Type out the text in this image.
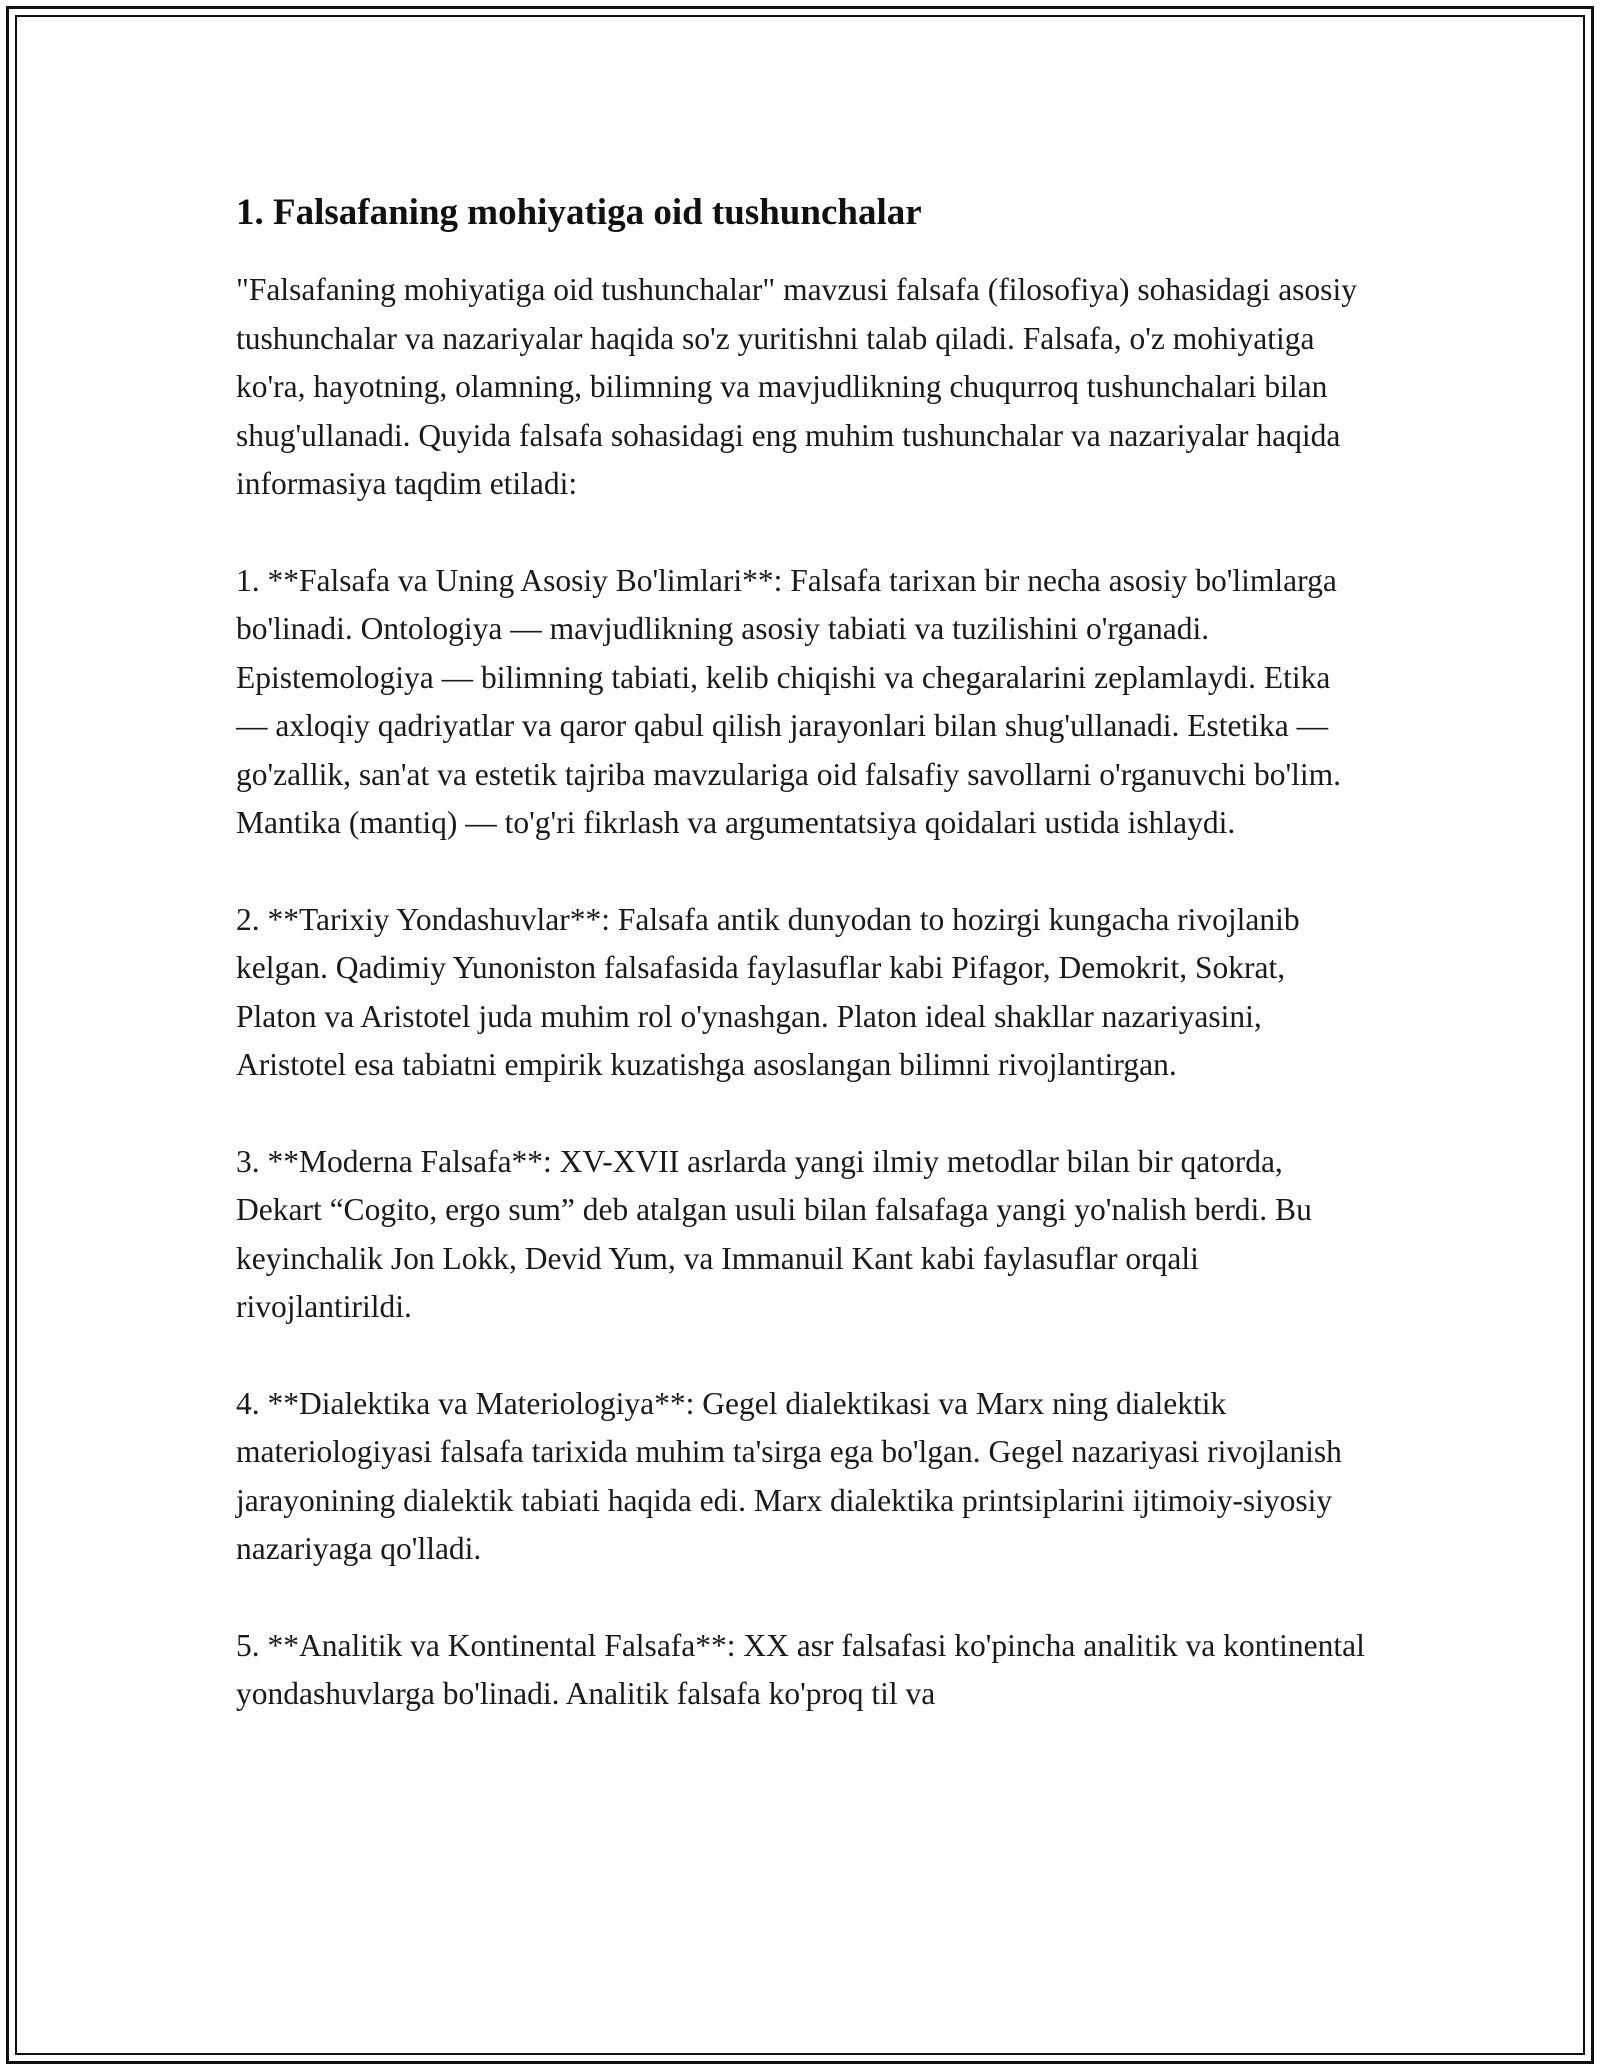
1. Falsafaning mohiyatiga oid tushunchalar

"Falsafaning mohiyatiga oid tushunchalar" mavzusi falsafa (filosofiya) sohasidagi asosiy tushunchalar va nazariyalar haqida so'z yuritishni talab qiladi. Falsafa, o'z mohiyatiga ko'ra, hayotning, olamning, bilimning va mavjudlikning chuqurroq tushunchalari bilan shug'ullanadi. Quyida falsafa sohasidagi eng muhim tushunchalar va nazariyalar haqida informasiya taqdim etiladi:

1. **Falsafa va Uning Asosiy Bo'limlari**: Falsafa tarixan bir necha asosiy bo'limlarga bo'linadi. Ontologiya — mavjudlikning asosiy tabiati va tuzilishini o'rganadi. Epistemologiya — bilimning tabiati, kelib chiqishi va chegaralarini zeplamlaydi. Etika — axloqiy qadriyatlar va qaror qabul qilish jarayonlari bilan shug'ullanadi. Estetika — go'zallik, san'at va estetik tajriba mavzulariga oid falsafiy savollarni o'rganuvchi bo'lim. Mantika (mantiq) — to'g'ri fikrlash va argumentatsiya qoidalari ustida ishlaydi.

2. **Tarixiy Yondashuvlar**: Falsafa antik dunyodan to hozirgi kungacha rivojlanib kelgan. Qadimiy Yunoniston falsafasida faylasuflar kabi Pifagor, Demokrit, Sokrat, Platon va Aristotel juda muhim rol o'ynashgan. Platon ideal shakllar nazariyasini, Aristotel esa tabiatni empirik kuzatishga asoslangan bilimni rivojlantirgan.

3. **Moderna Falsafa**: XV-XVII asrlarda yangi ilmiy metodlar bilan bir qatorda, Dekart “Cogito, ergo sum” deb atalgan usuli bilan falsafaga yangi yo'nalish berdi. Bu keyinchalik Jon Lokk, Devid Yum, va Immanuil Kant kabi faylasuflar orqali rivojlantirildi.

4. **Dialektika va Materiologiya**: Gegel dialektikasi va Marx ning dialektik materiologiyasi falsafa tarixida muhim ta'sirga ega bo'lgan. Gegel nazariyasi rivojlanish jarayonining dialektik tabiati haqida edi. Marx dialektika printsiplarini ijtimoiy-siyosiy nazariyaga qo'lladi.

5. **Analitik va Kontinental Falsafa**: XX asr falsafasi ko'pincha analitik va kontinental yondashuvlarga bo'linadi. Analitik falsafa ko'proq til va
